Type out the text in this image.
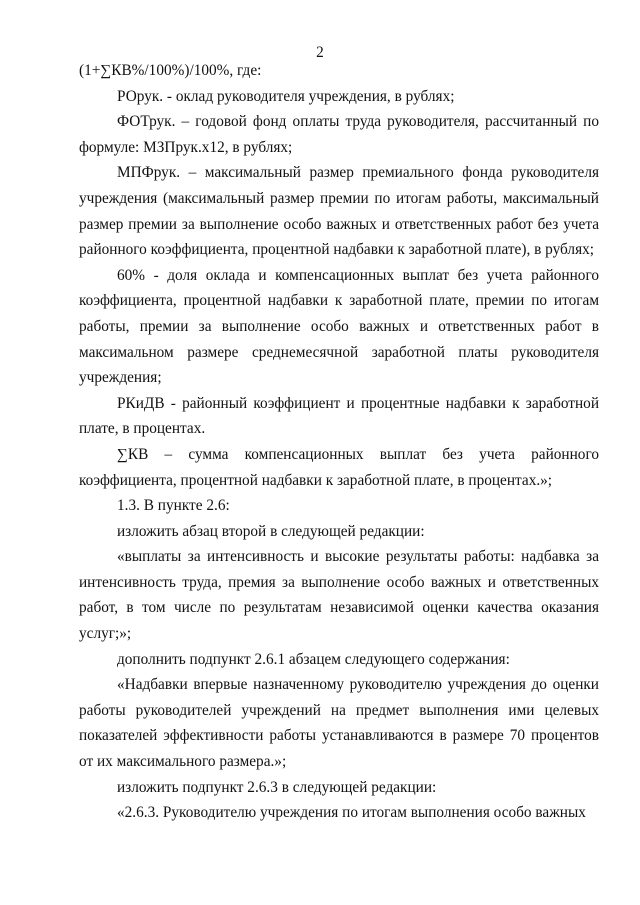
2

(1+∑КВ%/100%)/100%, где:

РОрук. - оклад руководителя учреждения, в рублях;

ФОТрук. – годовой фонд оплаты труда руководителя, рассчитанный по формуле: МЗПрук.х12, в рублях;

МПФрук. – максимальный размер премиального фонда руководителя учреждения (максимальный размер премии по итогам работы, максимальный размер премии за выполнение особо важных и ответственных работ без учета районного коэффициента, процентной надбавки к заработной плате), в рублях;

60% - доля оклада и компенсационных выплат без учета районного коэффициента, процентной надбавки к заработной плате, премии по итогам работы, премии за выполнение особо важных и ответственных работ в максимальном размере среднемесячной заработной платы руководителя учреждения;

РКиДВ - районный коэффициент и процентные надбавки к заработной плате, в процентах.

∑КВ – сумма компенсационных выплат без учета районного коэффициента, процентной надбавки к заработной плате, в процентах.»;

1.3. В пункте 2.6:

изложить абзац второй в следующей редакции:

«выплаты за интенсивность и высокие результаты работы: надбавка за интенсивность труда, премия за выполнение особо важных и ответственных работ, в том числе по результатам независимой оценки качества оказания услуг;»;

дополнить подпункт 2.6.1 абзацем следующего содержания:

«Надбавки впервые назначенному руководителю учреждения до оценки работы руководителей учреждений на предмет выполнения ими целевых показателей эффективности работы устанавливаются в размере 70 процентов от их максимального размера.»;

изложить подпункт 2.6.3 в следующей редакции:

«2.6.3. Руководителю учреждения по итогам выполнения особо важных
